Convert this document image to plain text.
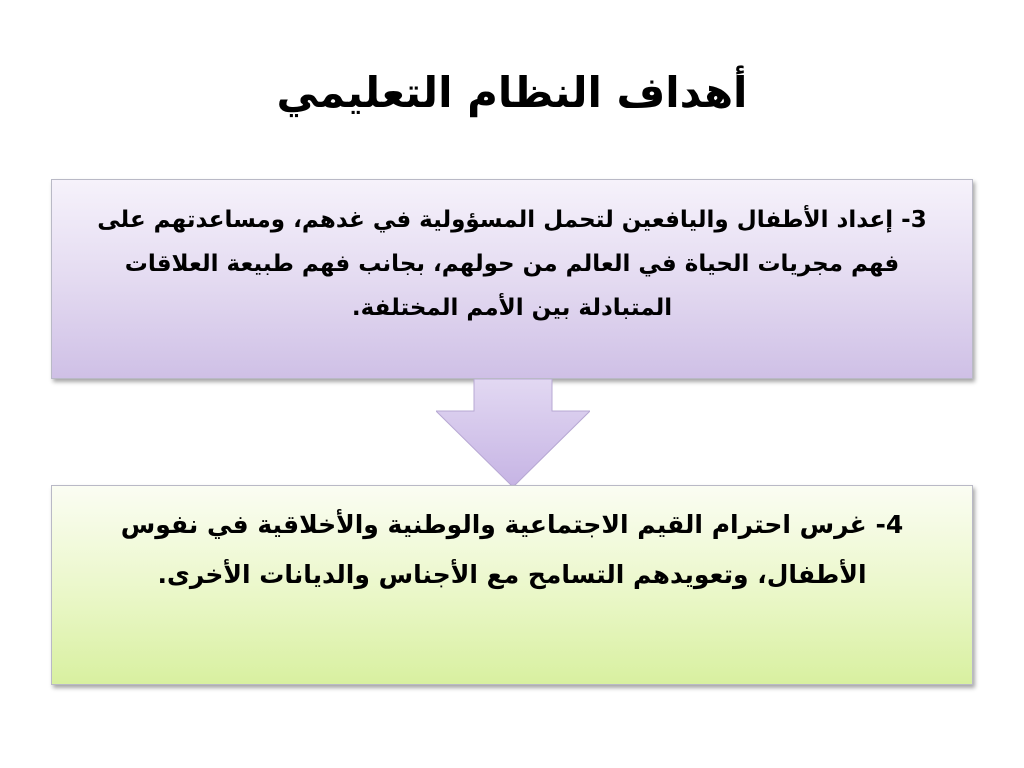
أهداف النظام التعليمي
3- إعداد الأطفال واليافعين لتحمل المسؤولية في غدهم، ومساعدتهم على فهم مجريات الحياة في العالم من حولهم، بجانب فهم طبيعة العلاقات المتبادلة بين الأمم المختلفة.
4- غرس احترام القيم الاجتماعية والوطنية والأخلاقية في نفوس الأطفال، وتعويدهم التسامح مع الأجناس والديانات الأخرى.
